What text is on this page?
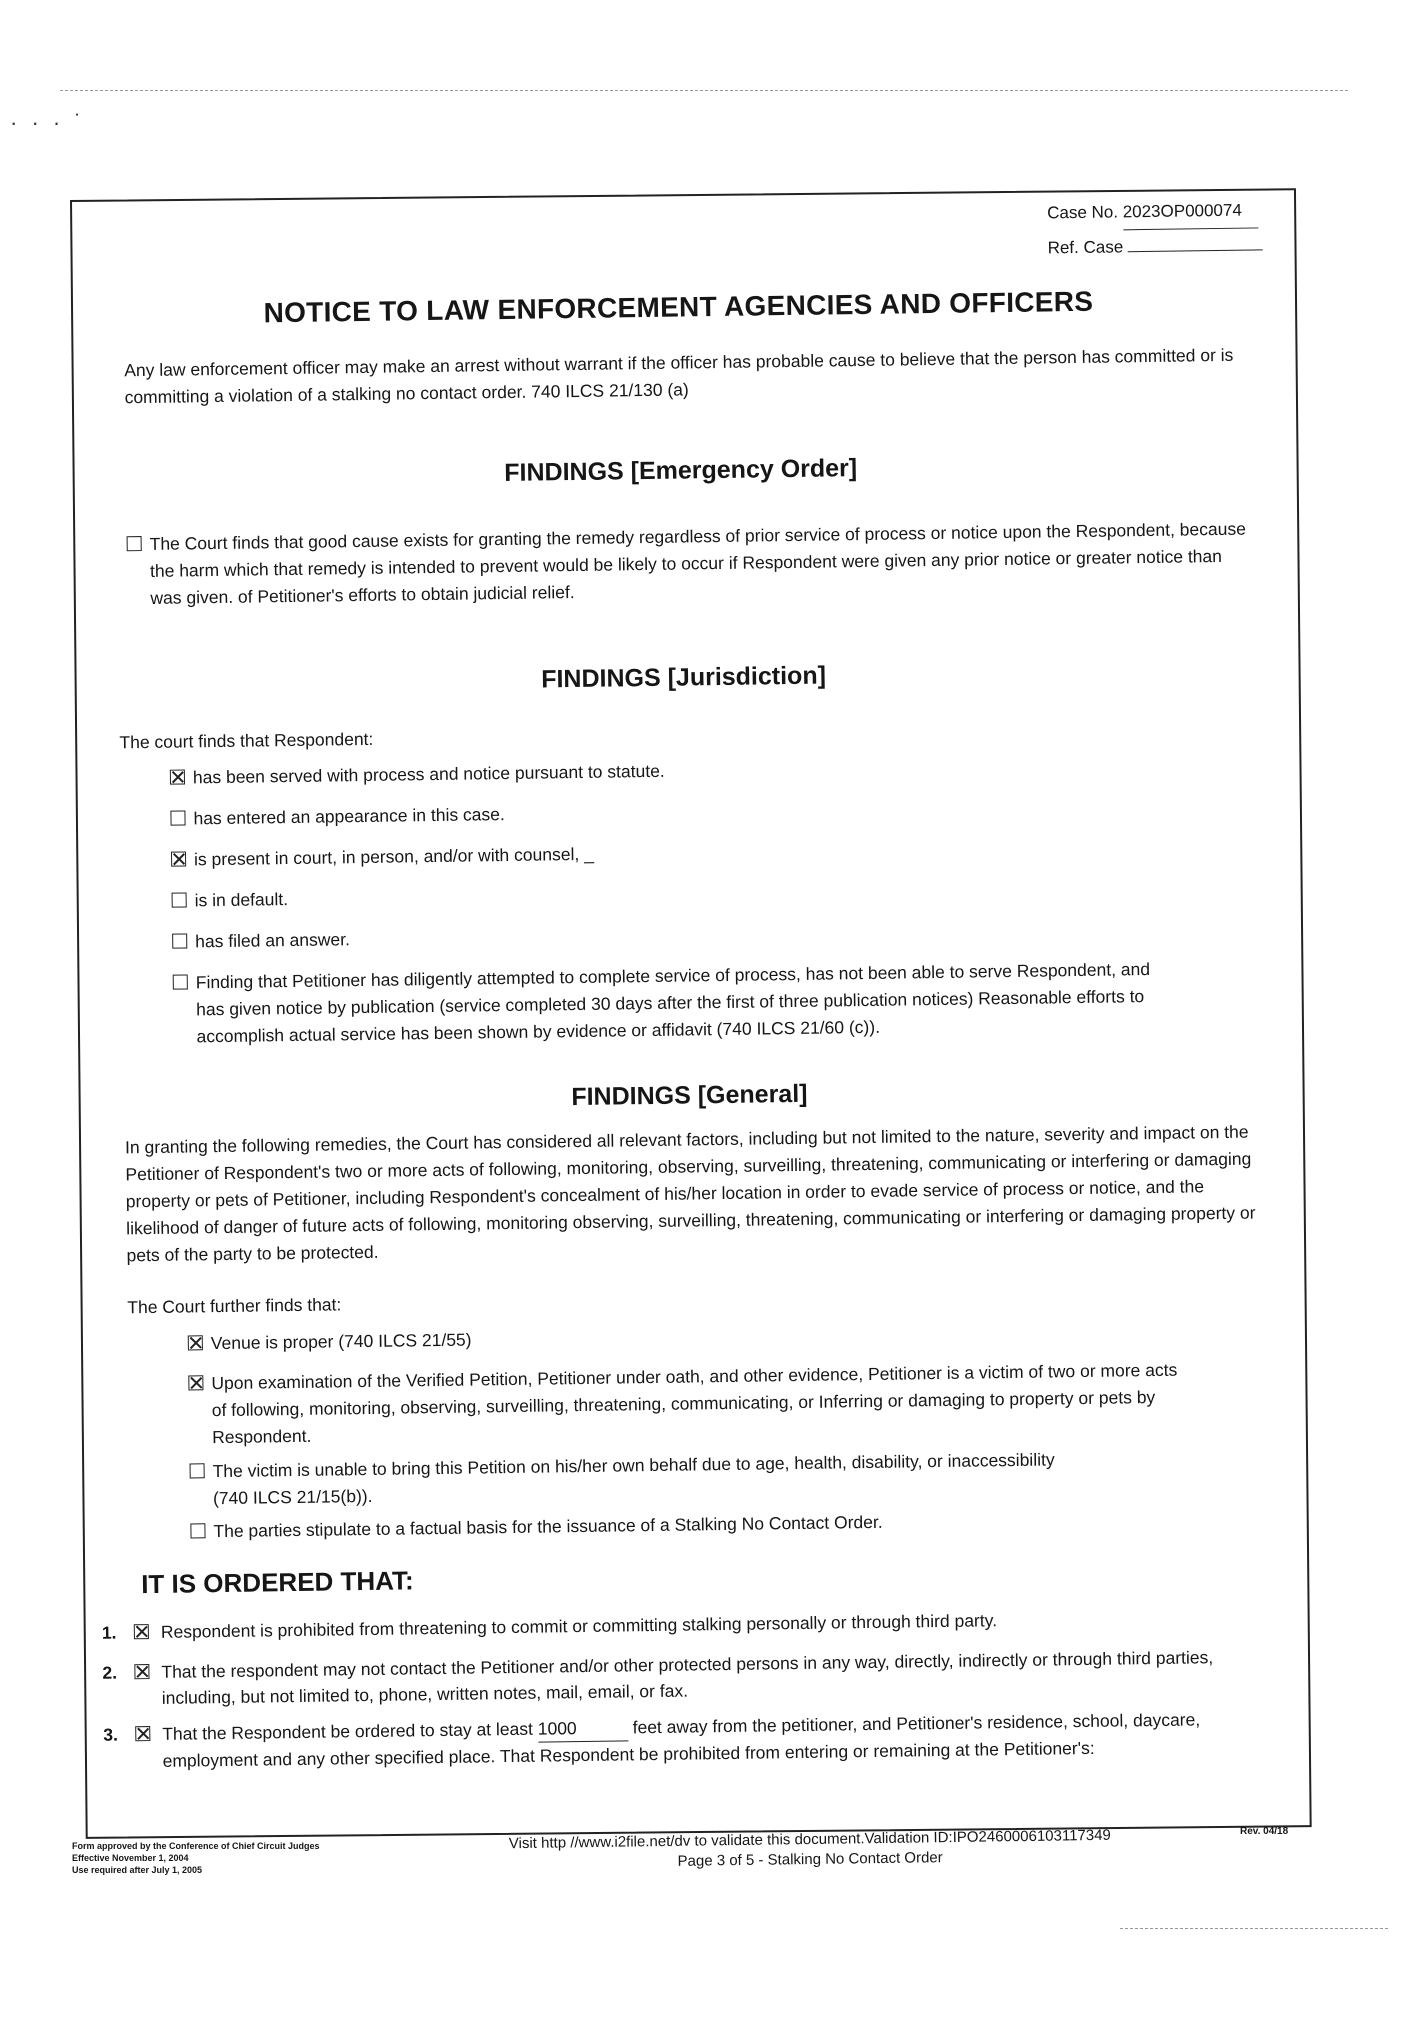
· · · ˙
Case No. 2023OP000074
Ref. Case
NOTICE TO LAW ENFORCEMENT AGENCIES AND OFFICERS

Any law enforcement officer may make an arrest without warrant if the officer has probable cause to believe that the person has committed or is committing a violation of a stalking no contact order. 740 ILCS 21/130 (a)

FINDINGS [Emergency Order]
The Court finds that good cause exists for granting the remedy regardless of prior service of process or notice upon the Respondent, because the harm which that remedy is intended to prevent would be likely to occur if Respondent were given any prior notice or greater notice than was given. of Petitioner's efforts to obtain judicial relief.
FINDINGS [Jurisdiction]

The court finds that Respondent:

has been served with process and notice pursuant to statute.
has entered an appearance in this case.
is present in court, in person, and/or with counsel, _
is in default.
has filed an answer.
Finding that Petitioner has diligently attempted to complete service of process, has not been able to serve Respondent, and has given notice by publication (service completed 30 days after the first of three publication notices) Reasonable efforts to accomplish actual service has been shown by evidence or affidavit (740 ILCS 21/60 (c)).
FINDINGS [General]

In granting the following remedies, the Court has considered all relevant factors, including but not limited to the nature, severity and impact on the Petitioner of Respondent's two or more acts of following, monitoring, observing, surveilling, threatening, communicating or interfering or damaging property or pets of Petitioner, including Respondent's concealment of his/her location in order to evade service of process or notice, and the likelihood of danger of future acts of following, monitoring observing, surveilling, threatening, communicating or interfering or damaging property or pets of the party to be protected.

The Court further finds that:

Venue is proper (740 ILCS 21/55)
Upon examination of the Verified Petition, Petitioner under oath, and other evidence, Petitioner is a victim of two or more acts of following, monitoring, observing, surveilling, threatening, communicating, or Inferring or damaging to property or pets by Respondent.
The victim is unable to bring this Petition on his/her own behalf due to age, health, disability, or inaccessibility (740 ILCS 21/15(b)).
The parties stipulate to a factual basis for the issuance of a Stalking No Contact Order.
IT IS ORDERED THAT:
1.	Respondent is prohibited from threatening to commit or committing stalking personally or through third party.
2.	That the respondent may not contact the Petitioner and/or other protected persons in any way, directly, indirectly or through third parties, including, but not limited to, phone, written notes, mail, email, or fax.
3.	That the Respondent be ordered to stay at least 1000	feet away from the petitioner, and Petitioner's residence, school, daycare, employment and any other specified place. That Respondent be prohibited from entering or remaining at the Petitioner's:
Form approved by the Conference of Chief Circuit Judges
Effective November 1, 2004
Use required after July 1, 2005
Visit http //www.i2file.net/dv to validate this document.Validation ID:IPO2460006103117349
Page 3 of 5 - Stalking No Contact Order
Rev. 04/18
